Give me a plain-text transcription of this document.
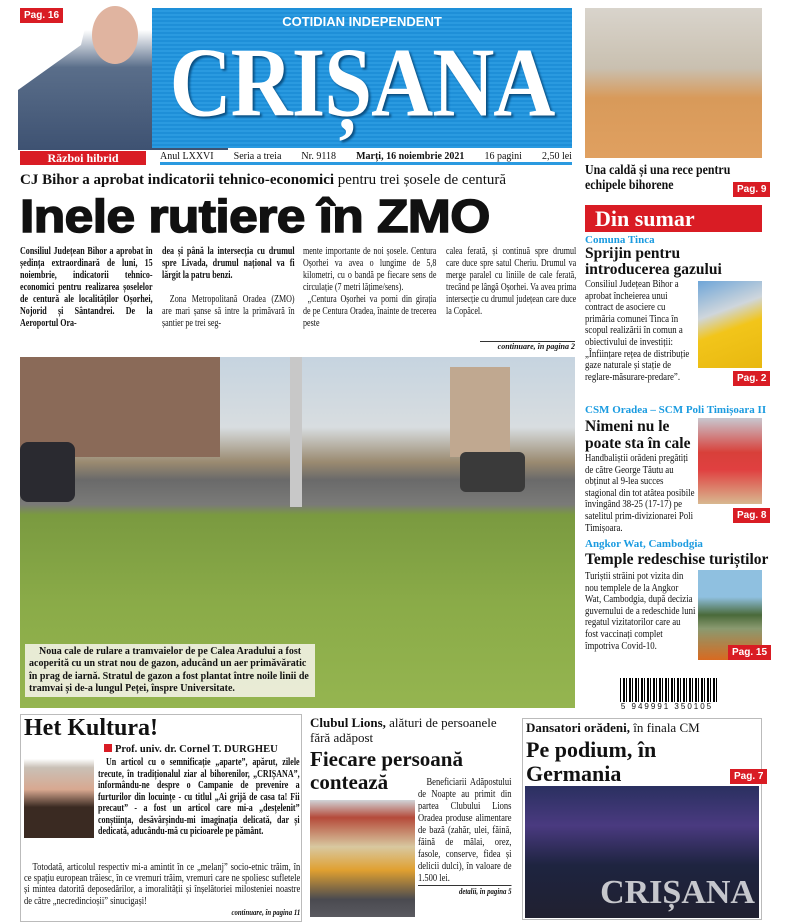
Pag. 16
Război hibrid
COTIDIAN INDEPENDENT
CRIȘANA
Anul LXXVI Seria a treia Nr. 9118 Marți, 16 noiembrie 2021 16 pagini 2,50 lei
Una caldă și una rece pentru echipele bihorene	Pag. 9
Din sumar
Comuna Tinca
Sprijin pentru introducerea gazului
Pag. 2
Consiliul Județean Bihor a aprobat încheierea unui contract de asociere cu primăria comunei Tinca în scopul realizării în comun a obiectivului de investiții: „Înființare rețea de distribuție gaze naturale și stație de reglare-măsurare-predare”.
CSM Oradea – SCM Poli Timișoara II
Nimeni nu le poate sta în cale
Pag. 8
Handbaliștii orădeni pregătiți de către George Tăutu au obținut al 9-lea succes stagional din tot atâtea posibile învingând 38-25 (17-17) pe satelitul prim-divizionarei Poli Timișoara.
Angkor Wat, Cambodgia
Temple redeschise turiștilor
Pag. 15
Turiștii străini pot vizita din nou templele de la Angkor Wat, Cambodgia, după decizia guvernului de a redeschide luni regatul vizitatorilor care au fost vaccinați complet împotriva Covid-10.
5 949991 350105
CJ Bihor a aprobat indicatorii tehnico-economici pentru trei șosele de centură
Inele rutiere în ZMO
Consiliul Județean Bihor a aprobat în ședința extraordinară de luni, 15 noiembrie, indicatorii tehnico-economici pentru realizarea șoselelor de centură ale localităților Oșorhei, Nojorid și Sântandrei. De la Aeroportul Ora-

dea și până la intersecția cu drumul spre Livada, drumul național va fi lărgit la patru benzi.

Zona Metropolitană Oradea (ZMO) are mari șanse să intre la primăvară în șantier pe trei seg-

mente importante de noi șosele. Centura Oșorhei va avea o lungime de 5,8 kilometri, cu o bandă pe fiecare sens de circulație (7 metri lățime/sens).

„Centura Oșorhei va porni din girația de pe Centura Oradea, înainte de trecerea peste

calea ferată, și continuă spre drumul care duce spre satul Cheriu. Drumul va merge paralel cu liniile de cale ferată, trecând pe lângă Oșorhei. Va avea prima intersecție cu drumul județean care duce la Copăcel.
continuare, în pagina 2
Noua cale de rulare a tramvaielor de pe Calea Aradului a fost acoperită cu un strat nou de gazon, aducând un aer primăvăratic în prag de iarnă. Stratul de gazon a fost plantat între noile linii de tramvai și de-a lungul Peței, înspre Universitate.
Het Kultura!
Prof. univ. dr. Cornel T. DURGHEU
Un articol cu o semnificație „aparte”, apărut, zilele trecute, în tradiționalul ziar al bihorenilor, „CRIȘANA”, informându-ne despre o Campanie de prevenire a furturilor din locuințe - cu titlul „Ai grijă de casa ta! Fii precaut” - a fost un articol care mi-a „desțelenit” conștiința, desăvârșindu-mi imaginația delicată, dar și dedicată, aducându-mă cu picioarele pe pământ.
Totodată, articolul respectiv mi-a amintit în ce „melanj” socio-etnic trăim, în ce spațiu european trăiesc, în ce vremuri trăim, vremuri care ne spoliesc sufletele și mintea datorită deposedărilor, a imoralității și înșelătoriei milosteniei noastre de către „necredincioșii” sinucigași!
continuare, în pagina 11
Clubul Lions, alături de persoanele fără adăpost
Fiecare persoană contează	Beneficiarii Adăpostului de Noapte au primit din partea Clubului Lions Oradea produse alimentare de bază (zahăr, ulei, făină, făină de mălai, orez, fasole, conserve, fidea și delicii dulci), în valoare de 1.500 lei.
detalii, în pagina 5
Dansatori orădeni, în finala CM
Pe podium, în Germania	Pag. 7
CRIȘANA
